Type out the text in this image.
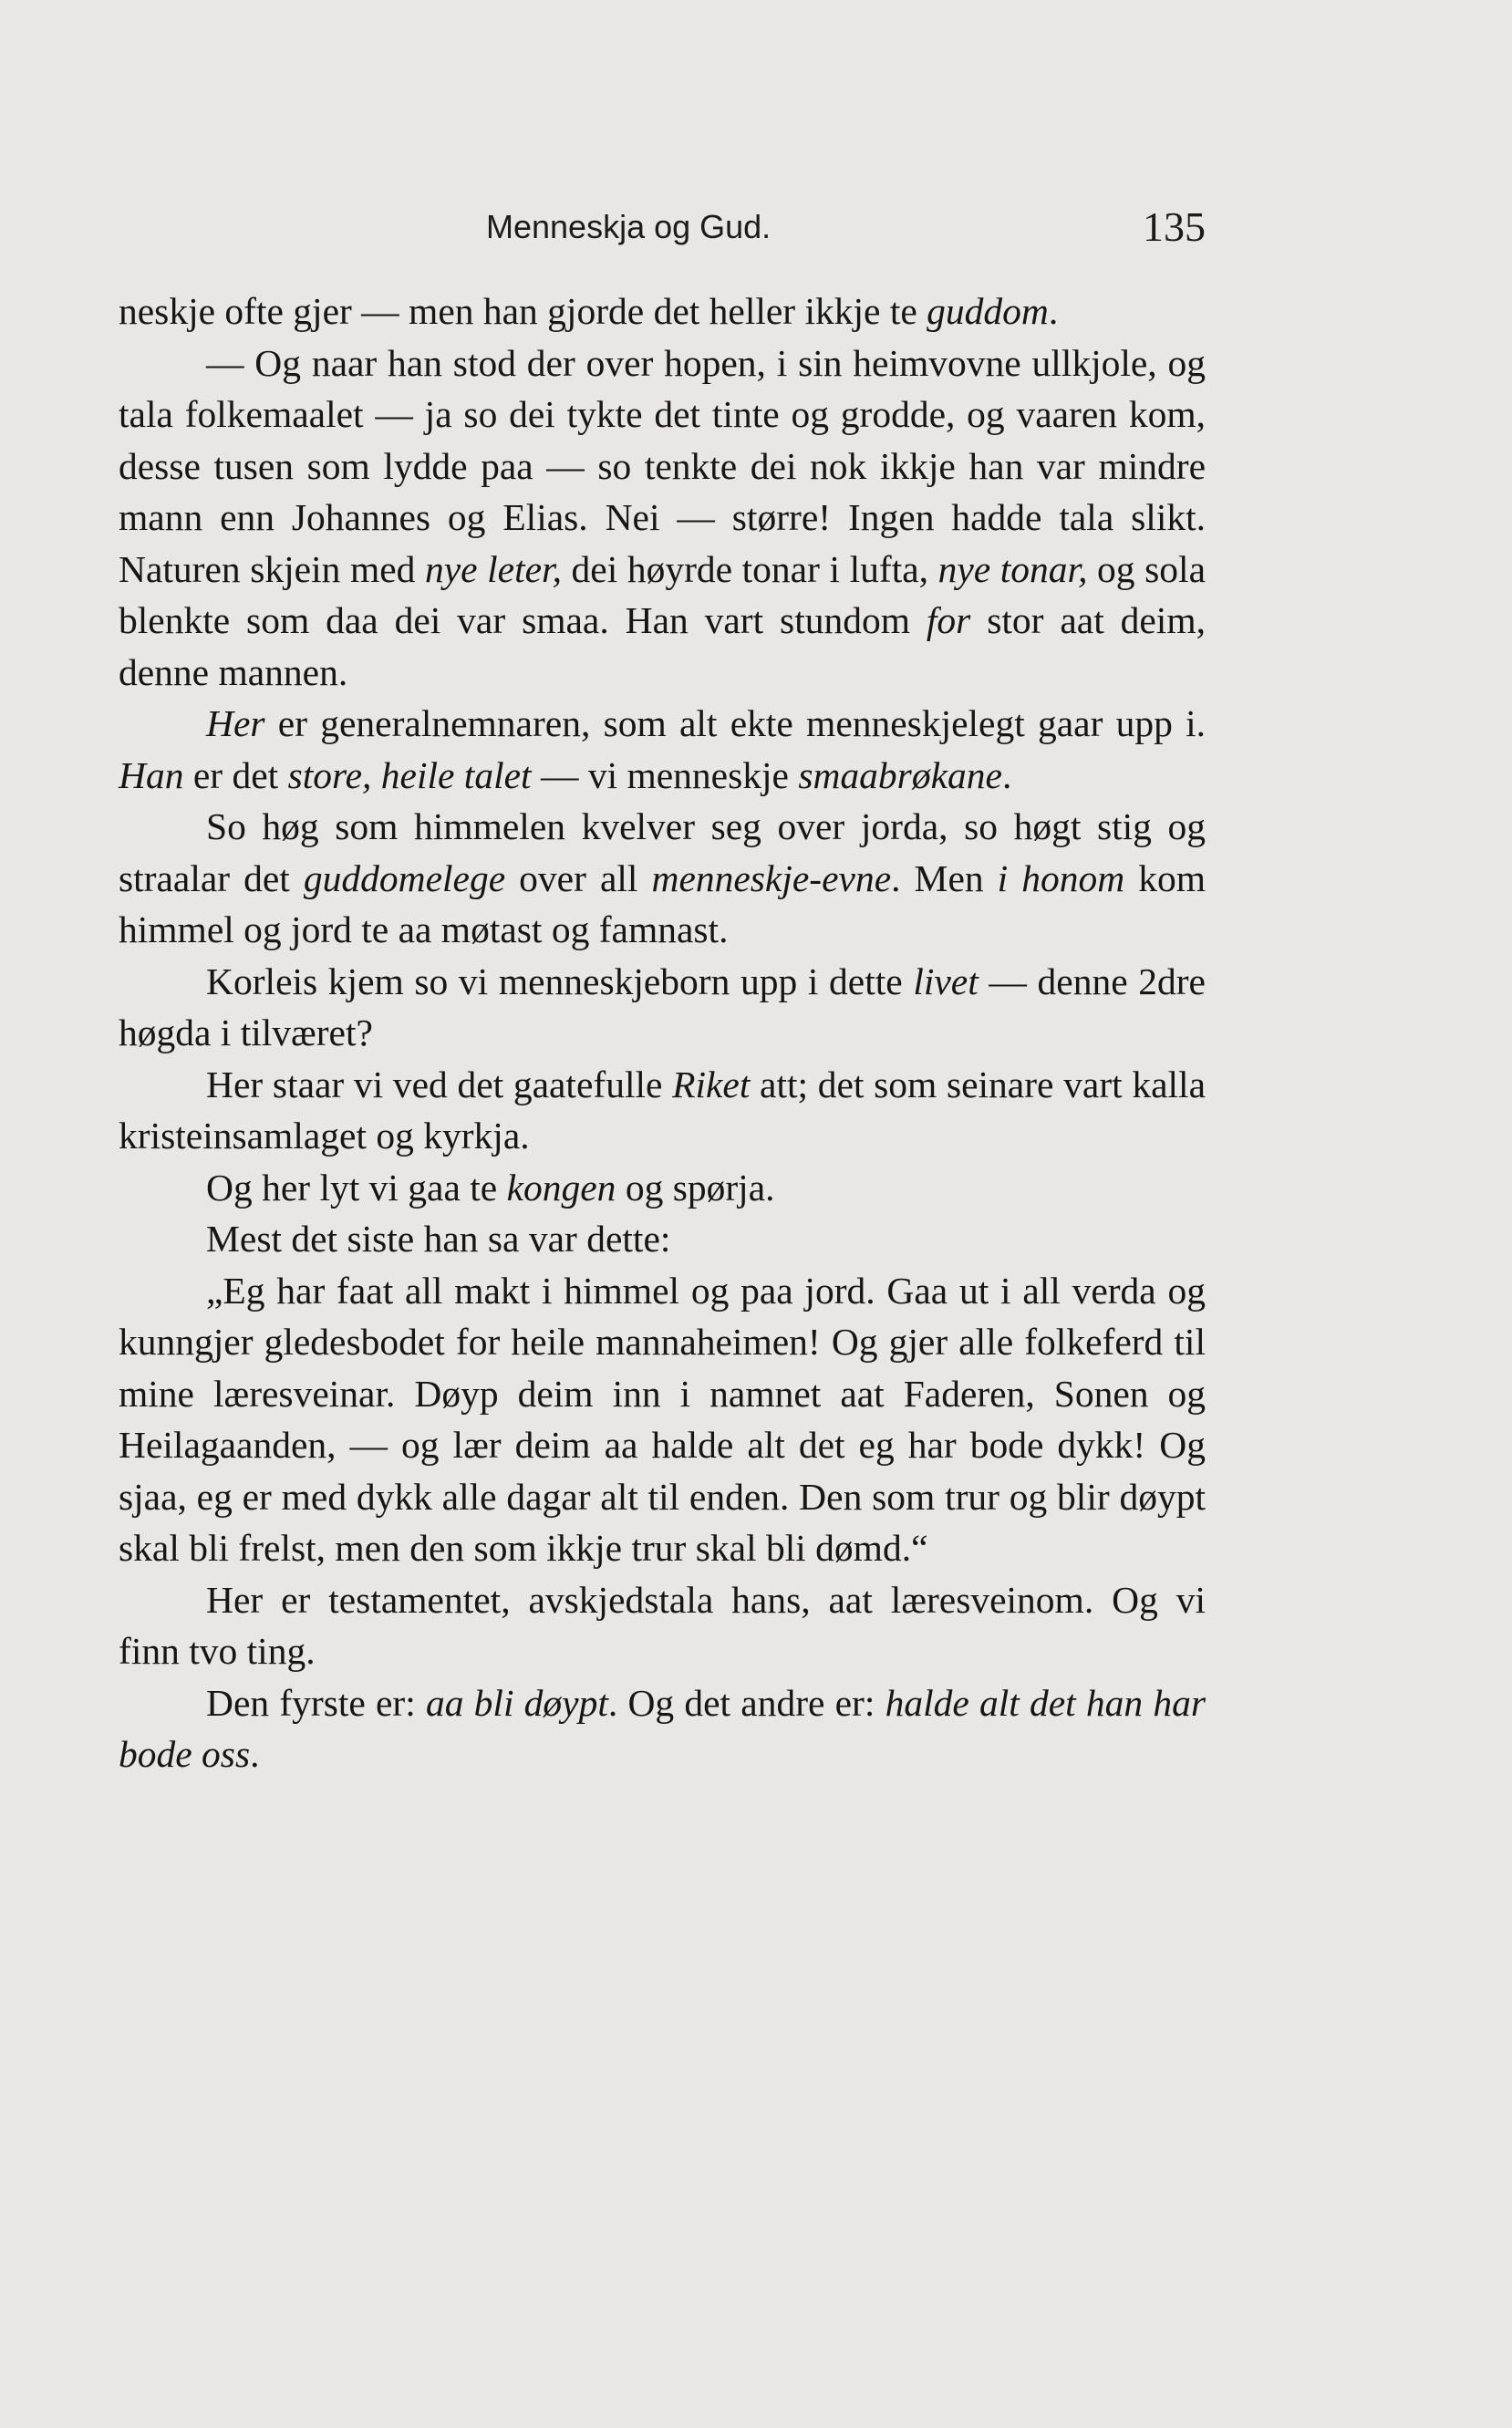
Menneskja og Gud.	135

neskje ofte gjer — men han gjorde det heller ikkje te guddom.

— Og naar han stod der over hopen, i sin heimvovne ullkjole, og tala folkemaalet — ja so dei tykte det tinte og grodde, og vaaren kom, desse tusen som lydde paa — so tenkte dei nok ikkje han var mindre mann enn Johannes og Elias. Nei — større! Ingen hadde tala slikt. Naturen skjein med nye leter, dei høyrde tonar i lufta, nye tonar, og sola blenkte som daa dei var smaa. Han vart stundom for stor aat deim, denne mannen.

Her er generalnemnaren, som alt ekte menneskjelegt gaar upp i. Han er det store, heile talet — vi menneskje smaabrøkane.

So høg som himmelen kvelver seg over jorda, so høgt stig og straalar det guddomelege over all menneskje-evne. Men i honom kom himmel og jord te aa møtast og famnast.

Korleis kjem so vi menneskjeborn upp i dette livet — denne 2dre høgda i tilværet?

Her staar vi ved det gaatefulle Riket att; det som seinare vart kalla kristeinsamlaget og kyrkja.

Og her lyt vi gaa te kongen og spørja.

Mest det siste han sa var dette:

„Eg har faat all makt i himmel og paa jord. Gaa ut i all verda og kunngjer gledesbodet for heile mannaheimen! Og gjer alle folkeferd til mine læresveinar. Døyp deim inn i namnet aat Faderen, Sonen og Heilagaanden, — og lær deim aa halde alt det eg har bode dykk! Og sjaa, eg er med dykk alle dagar alt til enden. Den som trur og blir døypt skal bli frelst, men den som ikkje trur skal bli dømd.“

Her er testamentet, avskjedstala hans, aat læresveinom. Og vi finn tvo ting.

Den fyrste er: aa bli døypt. Og det andre er: halde alt det han har bode oss.
